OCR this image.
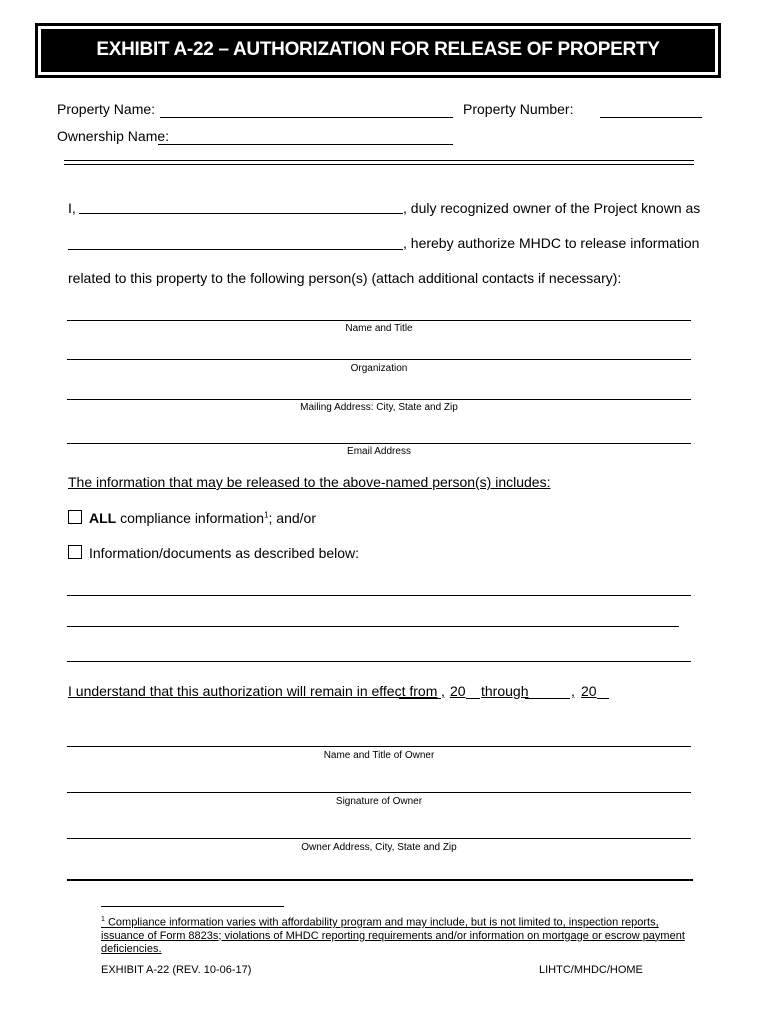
EXHIBIT A-22 – AUTHORIZATION FOR RELEASE OF PROPERTY INFORMATION
Property Name:	Property Number:
Ownership Name:
I,	, duly recognized owner of the Project known as
, hereby authorize MHDC to release information
related to this property to the following person(s) (attach additional contacts if necessary):
Name and Title
Organization
Mailing Address: City, State and Zip
Email Address
The information that may be released to the above-named person(s) includes:
ALL compliance information$^1$; and/or
Information/documents as described below:
I understand that this authorization will remain in effect from , 20 through	, 20
Name and Title of Owner
Signature of Owner
Owner Address, City, State and Zip
$^1$ Compliance information varies with affordability program and may include, but is not limited to, inspection reports, issuance of Form 8823s; violations of MHDC reporting requirements and/or information on mortgage or escrow payment deficiencies.
EXHIBIT A-22 (REV. 10-06-17)	LIHTC/MHDC/HOME
